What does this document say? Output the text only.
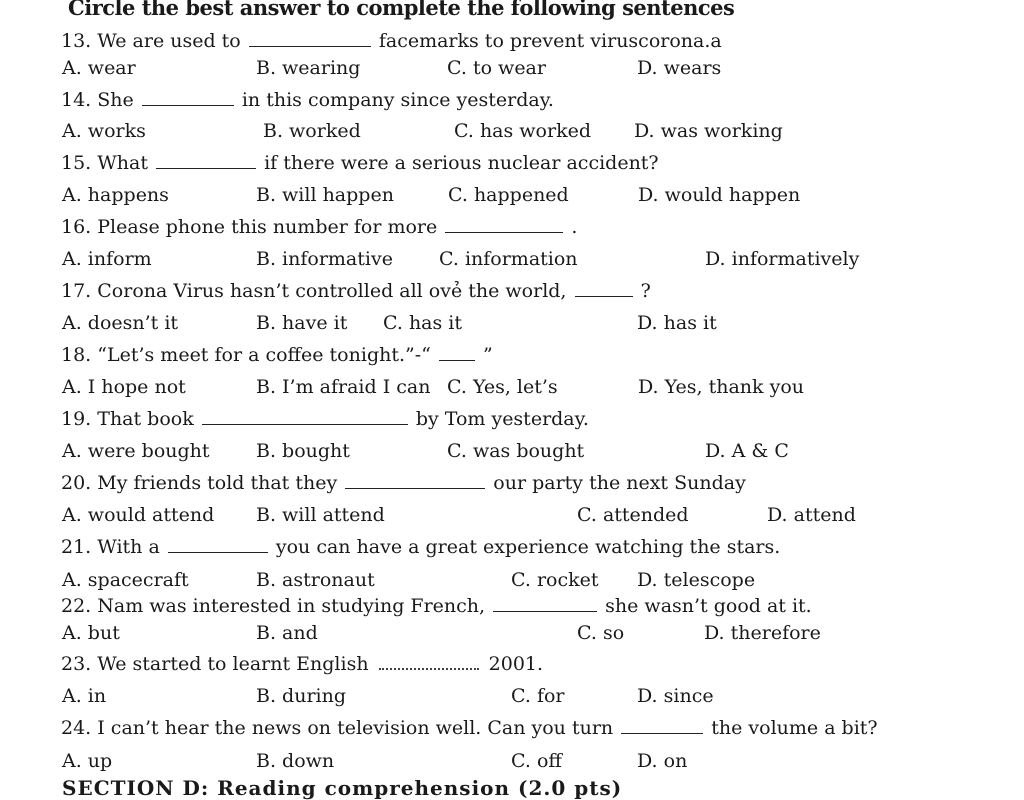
Circle the best answer to complete the following sentences
13. We are used to	facemarks to prevent viruscorona.a
A. wear	B. wearing	C. to wear	D. wears
14. She	in this company since yesterday.
A. works	B. worked	C. has worked D. was working
15. What	if there were a serious nuclear accident?
A. happens	B. will happen	C. happened	D. would happen
16. Please phone this number for more	.
A. inform	B. informative C. information	D. informatively
17. Corona Virus hasn’t controlled all ovẻ the world,	?
A. doesn’t it	B. have it C. has it	D. has it
18. “Let’s meet for a coffee tonight.”-“	”
A. I hope not	B. I’m afraid I can C. Yes, let’s	D. Yes, thank you
19. That book	by Tom yesterday.
A. were bought B. bought	C. was bought	D. A & C
20. My friends told that they	our party the next Sunday
A. would attend B. will attend	C. attended	D. attend
21. With a	you can have a great experience watching the stars.
A. spacecraft	B. astronaut	C. rocket D. telescope
22. Nam was interested in studying French,	she wasn’t good at it.
A. but	B. and	C. so	D. therefore
23. We started to learnt English	2001.
A. in	B. during	C. for	D. since
24. I can’t hear the news on television well. Can you turn	the volume a bit?
A. up	B. down	C. off	D. on
SECTION D: Reading comprehension (2.0 pts)
